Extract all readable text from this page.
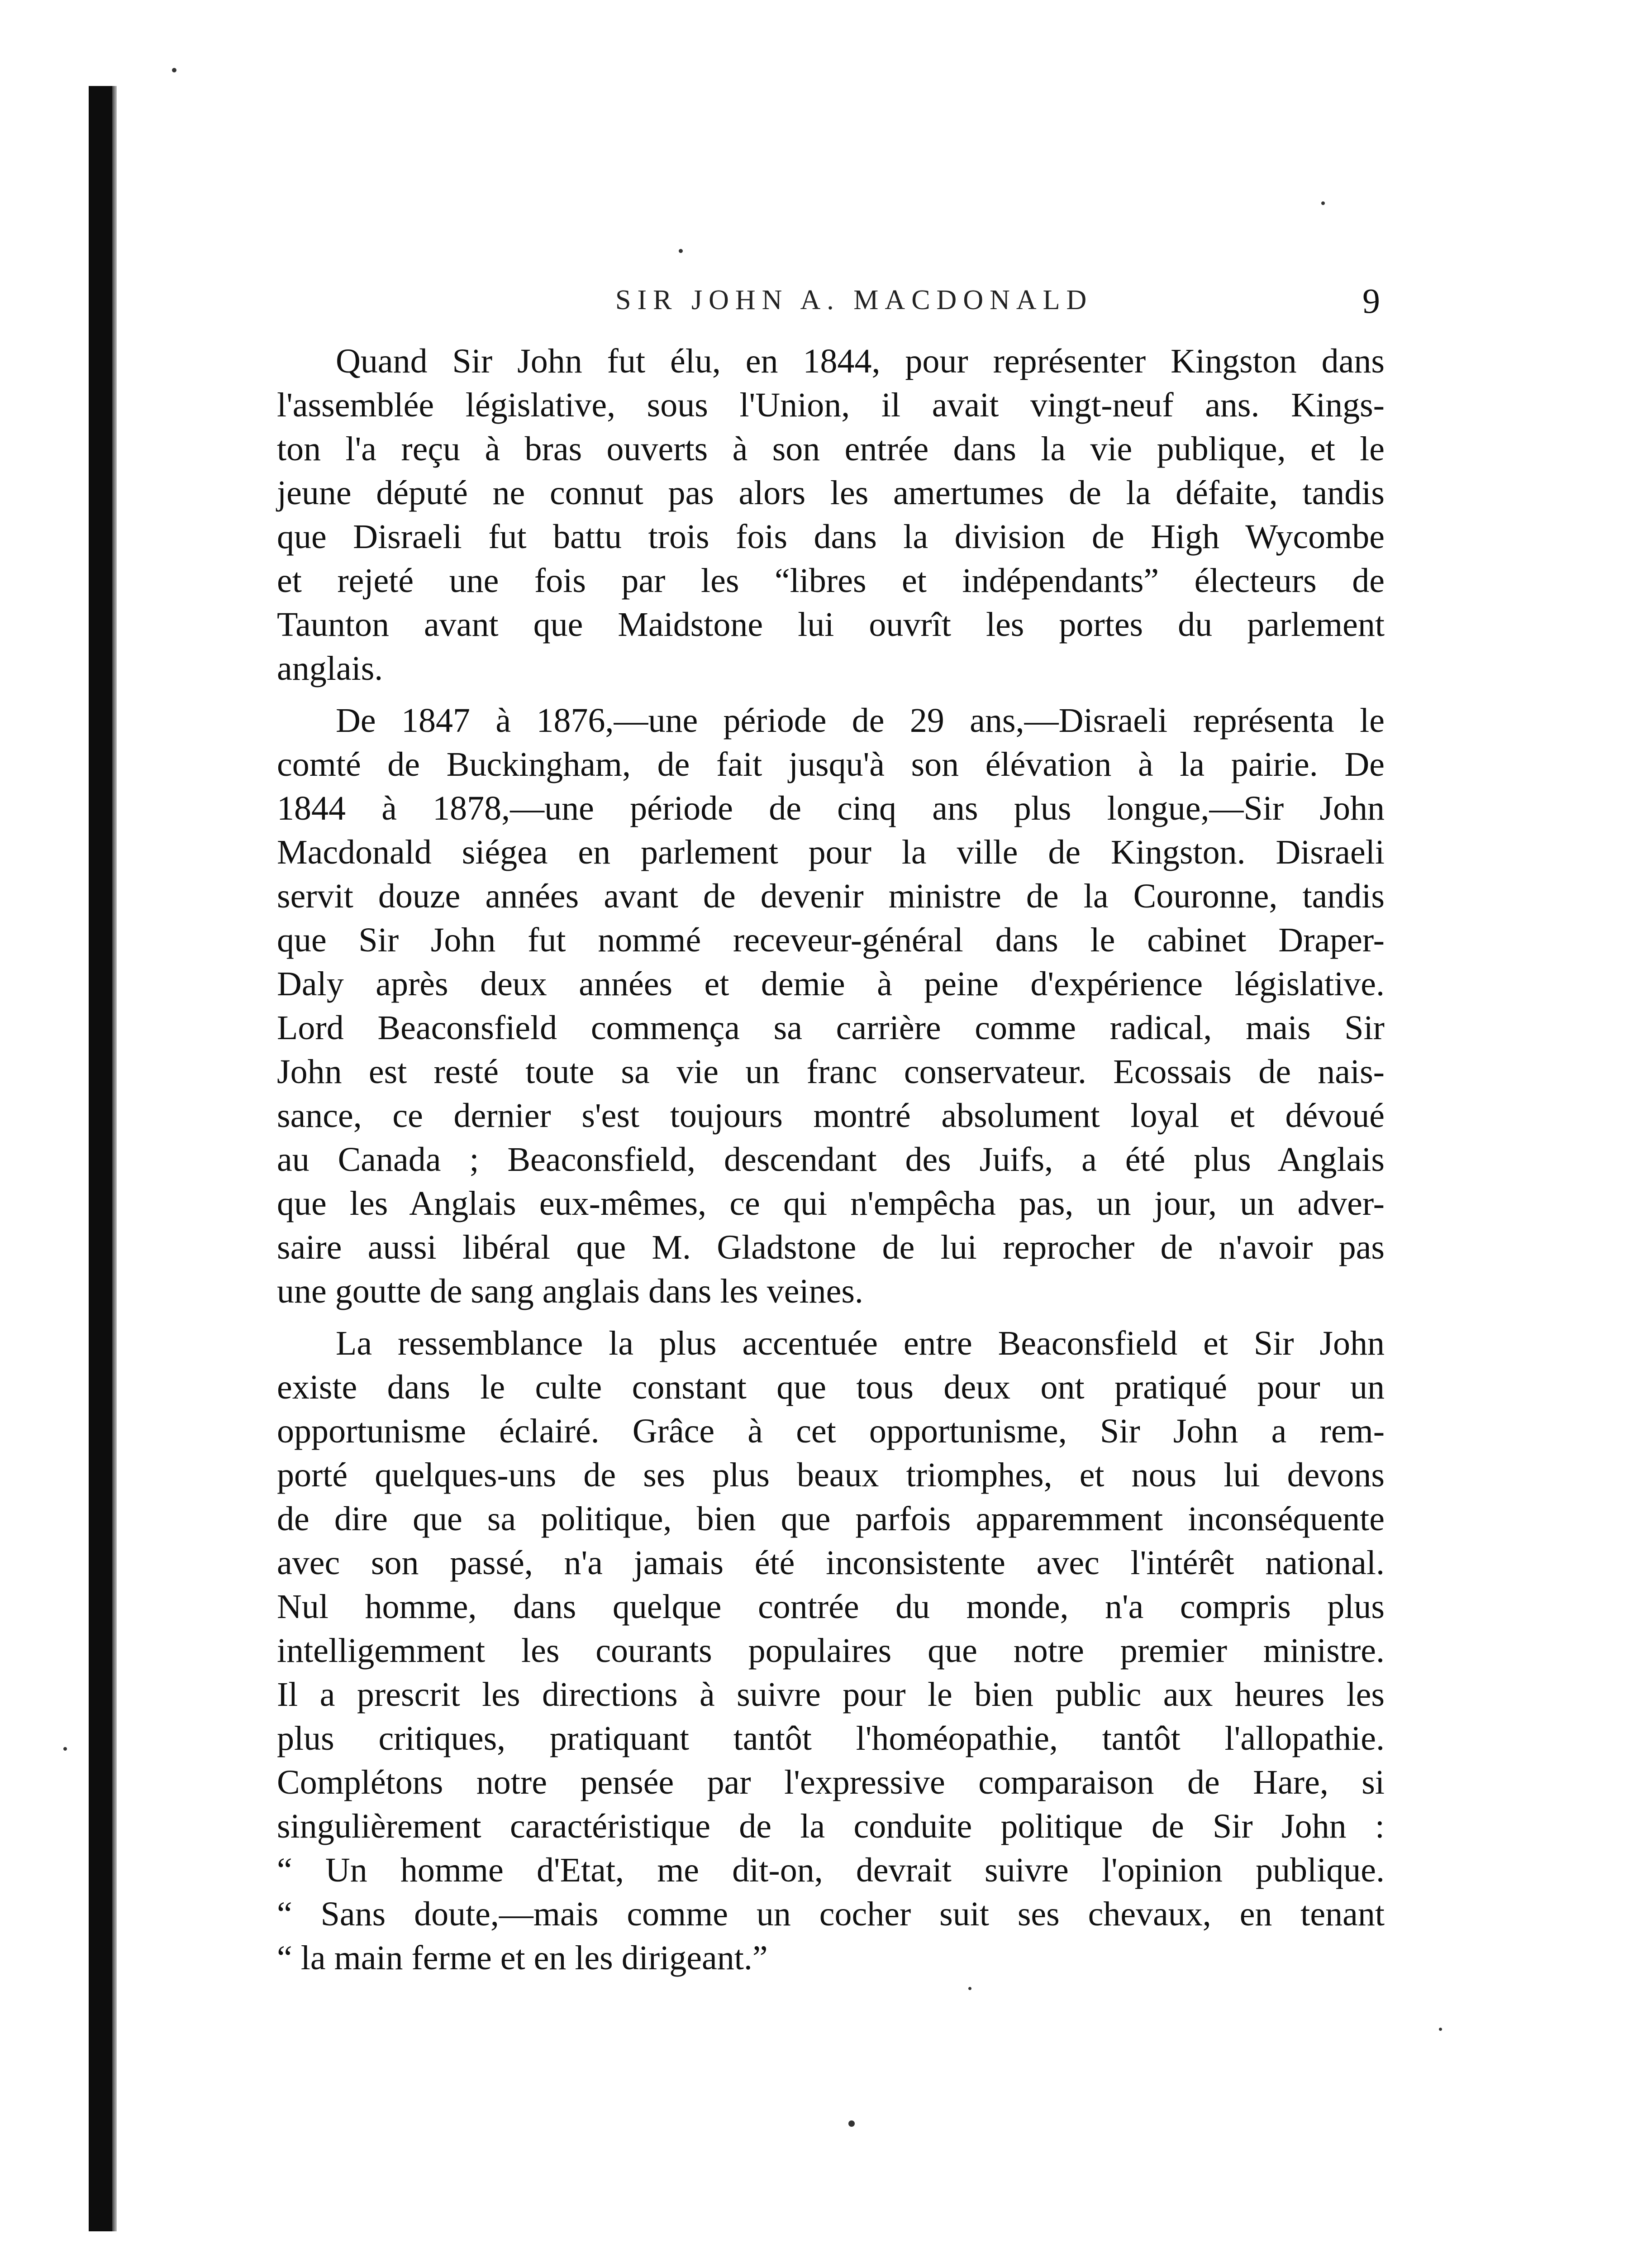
SIR JOHN A. MACDONALD	9
Quand Sir John fut élu, en 1844, pour représenter Kingston dans
l'assemblée législative, sous l'Union, il avait vingt-neuf ans. Kings-
ton l'a reçu à bras ouverts à son entrée dans la vie publique, et le
jeune député ne connut pas alors les amertumes de la défaite, tandis
que Disraeli fut battu trois fois dans la division de High Wycombe
et rejeté une fois par les “libres et indépendants” électeurs de
Taunton avant que Maidstone lui ouvrît les portes du parlement
anglais.
De 1847 à 1876,—une période de 29 ans,—Disraeli représenta le
comté de Buckingham, de fait jusqu'à son élévation à la pairie. De
1844 à 1878,—une période de cinq ans plus longue,—Sir John
Macdonald siégea en parlement pour la ville de Kingston. Disraeli
servit douze années avant de devenir ministre de la Couronne, tandis
que Sir John fut nommé receveur-général dans le cabinet Draper-
Daly après deux années et demie à peine d'expérience législative.
Lord Beaconsfield commença sa carrière comme radical, mais Sir
John est resté toute sa vie un franc conservateur. Ecossais de nais-
sance, ce dernier s'est toujours montré absolument loyal et dévoué
au Canada ; Beaconsfield, descendant des Juifs, a été plus Anglais
que les Anglais eux-mêmes, ce qui n'empêcha pas, un jour, un adver-
saire aussi libéral que M. Gladstone de lui reprocher de n'avoir pas
une goutte de sang anglais dans les veines.
La ressemblance la plus accentuée entre Beaconsfield et Sir John
existe dans le culte constant que tous deux ont pratiqué pour un
opportunisme éclairé. Grâce à cet opportunisme, Sir John a rem-
porté quelques-uns de ses plus beaux triomphes, et nous lui devons
de dire que sa politique, bien que parfois apparemment inconséquente
avec son passé, n'a jamais été inconsistente avec l'intérêt national.
Nul homme, dans quelque contrée du monde, n'a compris plus
intelligemment les courants populaires que notre premier ministre.
Il a prescrit les directions à suivre pour le bien public aux heures les
plus critiques, pratiquant tantôt l'homéopathie, tantôt l'allopathie.
Complétons notre pensée par l'expressive comparaison de Hare, si
singulièrement caractéristique de la conduite politique de Sir John :
“ Un homme d'Etat, me dit-on, devrait suivre l'opinion publique.
“ Sans doute,—mais comme un cocher suit ses chevaux, en tenant
“ la main ferme et en les dirigeant.”
